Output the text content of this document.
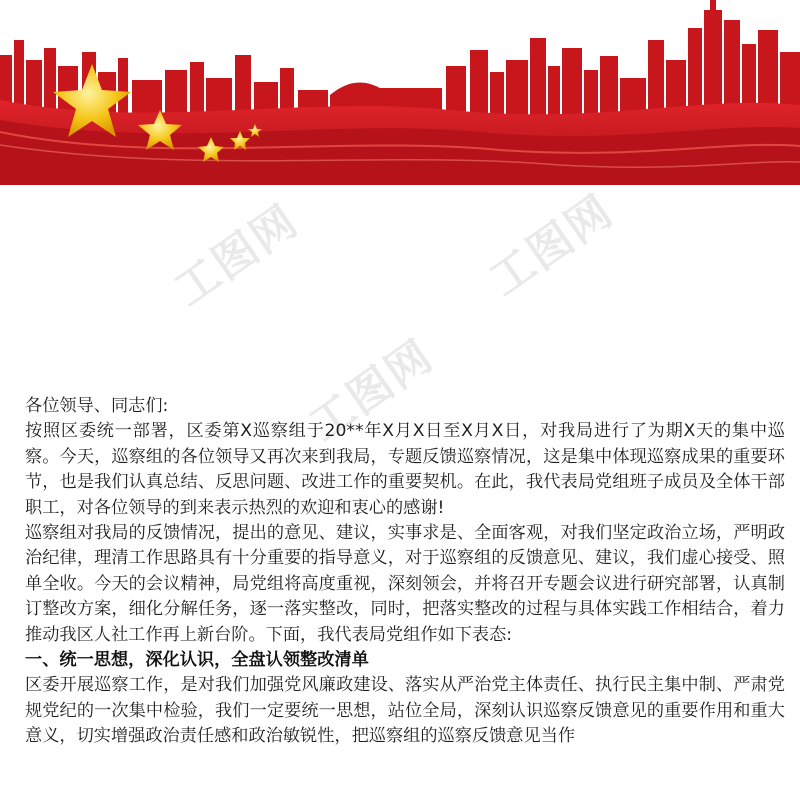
工图网	工图网
工图网

各位领导、同志们:

按照区委统一部署，区委第Ⅹ巡察组于20**年Ⅹ月Ⅹ日至Ⅹ月Ⅹ日，对我局进行了为期Ⅹ天的集中巡察。今天，巡察组的各位领导又再次来到我局，专题反馈巡察情况，这是集中体现巡察成果的重要环节，也是我们认真总结、反思问题、改进工作的重要契机。在此，我代表局党组班子成员及全体干部职工，对各位领导的到来表示热烈的欢迎和衷心的感谢!

巡察组对我局的反馈情况，提出的意见、建议，实事求是、全面客观，对我们坚定政治立场，严明政治纪律，理清工作思路具有十分重要的指导意义，对于巡察组的反馈意见、建议，我们虚心接受、照单全收。今天的会议精神，局党组将高度重视，深刻领会，并将召开专题会议进行研究部署，认真制订整改方案，细化分解任务，逐一落实整改，同时，把落实整改的过程与具体实践工作相结合，着力推动我区人社工作再上新台阶。下面，我代表局党组作如下表态:

一、统一思想，深化认识，全盘认领整改清单

区委开展巡察工作，是对我们加强党风廉政建设、落实从严治党主体责任、执行民主集中制、严肃党规党纪的一次集中检验，我们一定要统一思想，站位全局，深刻认识巡察反馈意见的重要作用和重大意义，切实增强政治责任感和政治敏锐性，把巡察组的巡察反馈意见当作
